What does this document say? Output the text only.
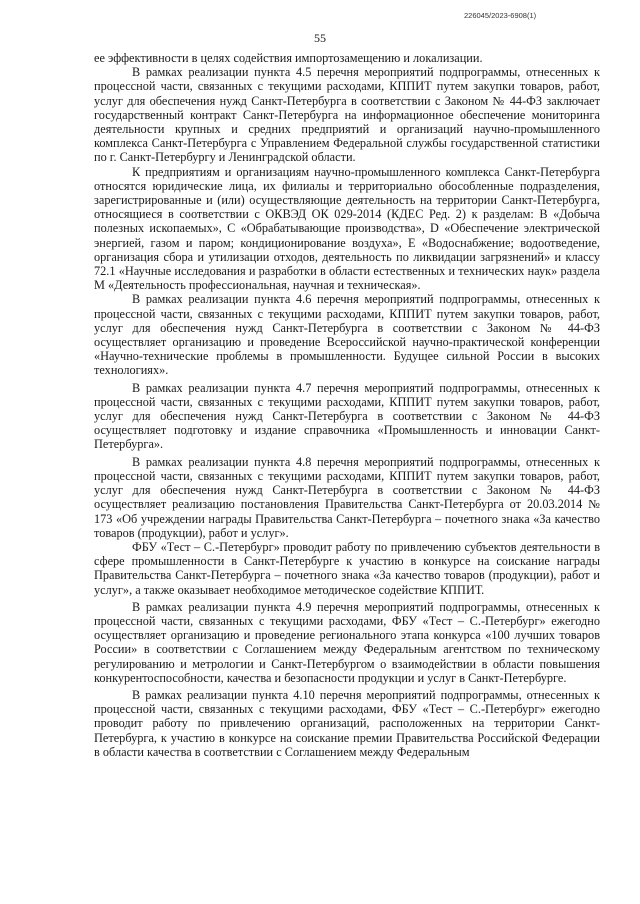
226045/2023-6908(1)
55

ее эффективности в целях содействия импортозамещению и локализации.

В рамках реализации пункта 4.5 перечня мероприятий подпрограммы, отнесенных к процессной части, связанных с текущими расходами, КППИТ путем закупки товаров, работ, услуг для обеспечения нужд Санкт-Петербурга в соответствии с Законом № 44-ФЗ заключает государственный контракт Санкт-Петербурга на информационное обеспечение мониторинга деятельности крупных и средних предприятий и организаций научно-промышленного комплекса Санкт-Петербурга с Управлением Федеральной службы государственной статистики по г. Санкт-Петербургу и Ленинградской области.

К предприятиям и организациям научно-промышленного комплекса Санкт-Петербурга относятся юридические лица, их филиалы и территориально обособленные подразделения, зарегистрированные и (или) осуществляющие деятельность на территории Санкт-Петербурга, относящиеся в соответствии с ОКВЭД ОК 029-2014 (КДЕС Ред. 2) к разделам: В «Добыча полезных ископаемых», С «Обрабатывающие производства», D «Обеспечение электрической энергией, газом и паром; кондиционирование воздуха», Е «Водоснабжение; водоотведение, организация сбора и утилизации отходов, деятельность по ликвидации загрязнений» и классу 72.1 «Научные исследования и разработки в области естественных и технических наук» раздела М «Деятельность профессиональная, научная и техническая».

В рамках реализации пункта 4.6 перечня мероприятий подпрограммы, отнесенных к процессной части, связанных с текущими расходами, КППИТ путем закупки товаров, работ, услуг для обеспечения нужд Санкт-Петербурга в соответствии с Законом № 44-ФЗ осуществляет организацию и проведение Всероссийской научно-практической конференции «Научно-технические проблемы в промышленности. Будущее сильной России в высоких технологиях».

В рамках реализации пункта 4.7 перечня мероприятий подпрограммы, отнесенных к процессной части, связанных с текущими расходами, КППИТ путем закупки товаров, работ, услуг для обеспечения нужд Санкт-Петербурга в соответствии с Законом № 44-ФЗ осуществляет подготовку и издание справочника «Промышленность и инновации Санкт-Петербурга».

В рамках реализации пункта 4.8 перечня мероприятий подпрограммы, отнесенных к процессной части, связанных с текущими расходами, КППИТ путем закупки товаров, работ, услуг для обеспечения нужд Санкт-Петербурга в соответствии с Законом № 44-ФЗ осуществляет реализацию постановления Правительства Санкт-Петербурга от 20.03.2014 № 173 «Об учреждении награды Правительства Санкт-Петербурга – почетного знака «За качество товаров (продукции), работ и услуг».

ФБУ «Тест – С.-Петербург» проводит работу по привлечению субъектов деятельности в сфере промышленности в Санкт-Петербурге к участию в конкурсе на соискание награды Правительства Санкт-Петербурга – почетного знака «За качество товаров (продукции), работ и услуг», а также оказывает необходимое методическое содействие КППИТ.

В рамках реализации пункта 4.9 перечня мероприятий подпрограммы, отнесенных к процессной части, связанных с текущими расходами, ФБУ «Тест – С.-Петербург» ежегодно осуществляет организацию и проведение регионального этапа конкурса «100 лучших товаров России» в соответствии с Соглашением между Федеральным агентством по техническому регулированию и метрологии и Санкт-Петербургом о взаимодействии в области повышения конкурентоспособности, качества и безопасности продукции и услуг в Санкт-Петербурге.

В рамках реализации пункта 4.10 перечня мероприятий подпрограммы, отнесенных к процессной части, связанных с текущими расходами, ФБУ «Тест – С.-Петербург» ежегодно проводит работу по привлечению организаций, расположенных на территории Санкт-Петербурга, к участию в конкурсе на соискание премии Правительства Российской Федерации в области качества в соответствии с Соглашением между Федеральным
